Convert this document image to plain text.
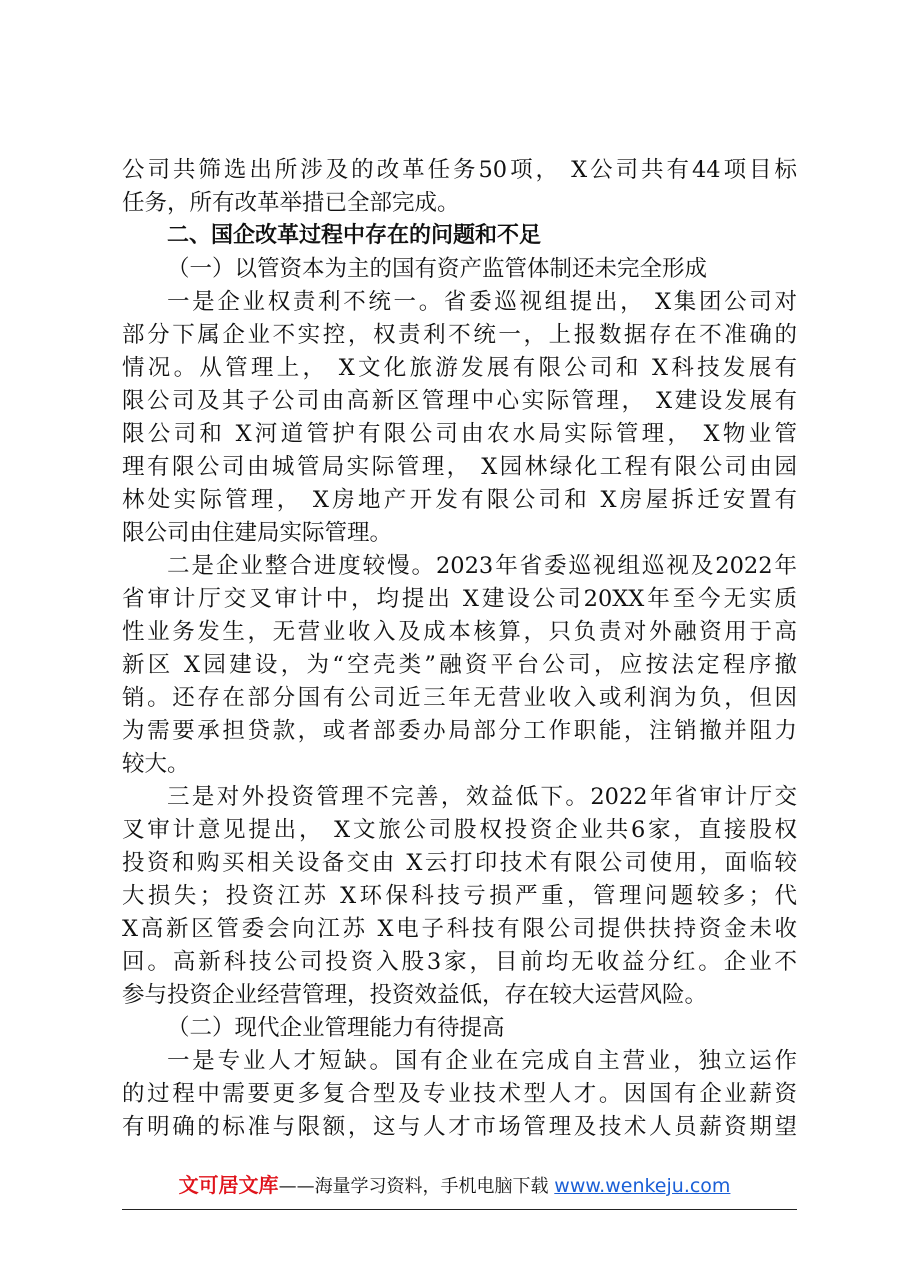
公司共筛选出所涉及的改革任务50项， X公司共有44项目标
任务，所有改革举措已全部完成。
二、国企改革过程中存在的问题和不足
（一）以管资本为主的国有资产监管体制还未完全形成
一是企业权责利不统一。省委巡视组提出， X集团公司对
部分下属企业不实控，权责利不统一，上报数据存在不准确的
情况。从管理上， X文化旅游发展有限公司和 X科技发展有
限公司及其子公司由高新区管理中心实际管理， X建设发展有
限公司和 X河道管护有限公司由农水局实际管理， X物业管
理有限公司由城管局实际管理， X园林绿化工程有限公司由园
林处实际管理， X房地产开发有限公司和 X房屋拆迁安置有
限公司由住建局实际管理。
二是企业整合进度较慢。2023年省委巡视组巡视及2022年
省审计厅交叉审计中，均提出 X建设公司20XX年至今无实质
性业务发生，无营业收入及成本核算，只负责对外融资用于高
新区 X园建设，为“空壳类”融资平台公司，应按法定程序撤
销。还存在部分国有公司近三年无营业收入或利润为负，但因
为需要承担贷款，或者部委办局部分工作职能，注销撤并阻力
较大。
三是对外投资管理不完善，效益低下。2022年省审计厅交
叉审计意见提出， X文旅公司股权投资企业共6家，直接股权
投资和购买相关设备交由 X云打印技术有限公司使用，面临较
大损失；投资江苏 X环保科技亏损严重，管理问题较多；代
X高新区管委会向江苏 X电子科技有限公司提供扶持资金未收
回。高新科技公司投资入股3家，目前均无收益分红。企业不
参与投资企业经营管理，投资效益低，存在较大运营风险。
（二）现代企业管理能力有待提高
一是专业人才短缺。国有企业在完成自主营业，独立运作
的过程中需要更多复合型及专业技术型人才。因国有企业薪资
有明确的标准与限额，这与人才市场管理及技术人员薪资期望
文可居文库——海量学习资料，手机电脑下载 www.wenkeju.com
